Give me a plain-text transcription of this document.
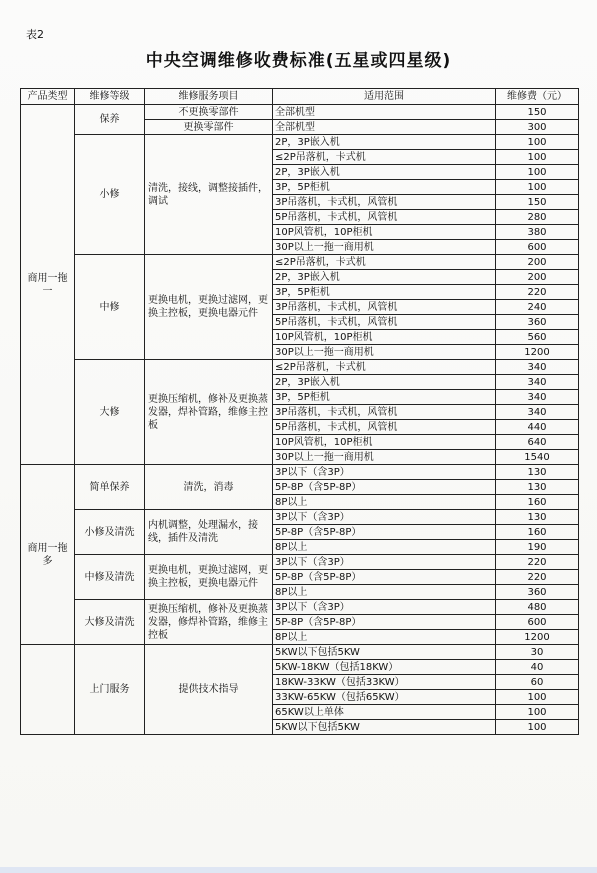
表2
中央空调维修收费标准(五星或四星级)
产品类型	维修等级	维修服务项目	适用范围	维修费（元）
商用一拖一	保养	不更换零部件	全部机型	150
		更换零部件	全部机型	300
	小修	清洗，接线，调整接插件，调试	2P，3P嵌入机	100
			≤2P吊落机，卡式机	100
			2P，3P嵌入机	100
			3P，5P柜机	100
			3P吊落机，卡式机，风管机	150
			5P吊落机，卡式机，风管机	280
			10P风管机，10P柜机	380
			30P以上一拖一商用机	600
	中修	更换电机，更换过滤网，更换主控板，更换电器元件	≤2P吊落机，卡式机	200
			2P，3P嵌入机	200
			3P，5P柜机	220
			3P吊落机，卡式机，风管机	240
			5P吊落机，卡式机，风管机	360
			10P风管机，10P柜机	560
			30P以上一拖一商用机	1200
	大修	更换压缩机，修补及更换蒸发器，焊补管路，维修主控板	≤2P吊落机，卡式机	340
			2P，3P嵌入机	340
			3P，5P柜机	340
			3P吊落机，卡式机，风管机	340
			5P吊落机，卡式机，风管机	440
			10P风管机，10P柜机	640
			30P以上一拖一商用机	1540
商用一拖多	简单保养	清洗，消毒	3P以下（含3P）	130
			5P-8P（含5P-8P）	130
			8P以上	160
	小修及清洗	内机调整，处理漏水，接线，插件及清洗	3P以下（含3P）	130
			5P-8P（含5P-8P）	160
			8P以上	190
	中修及清洗	更换电机，更换过滤网，更换主控板，更换电器元件	3P以下（含3P）	220
			5P-8P（含5P-8P）	220
			8P以上	360
	大修及清洗	更换压缩机，修补及更换蒸发器，修焊补管路，维修主控板	3P以下（含3P）	480
			5P-8P（含5P-8P）	600
			8P以上	1200
	上门服务	提供技术指导	5KW以下包括5KW	30
			5KW-18KW（包括18KW）	40
			18KW-33KW（包括33KW）	60
			33KW-65KW（包括65KW）	100
			65KW以上单体	100
			5KW以下包括5KW	100
